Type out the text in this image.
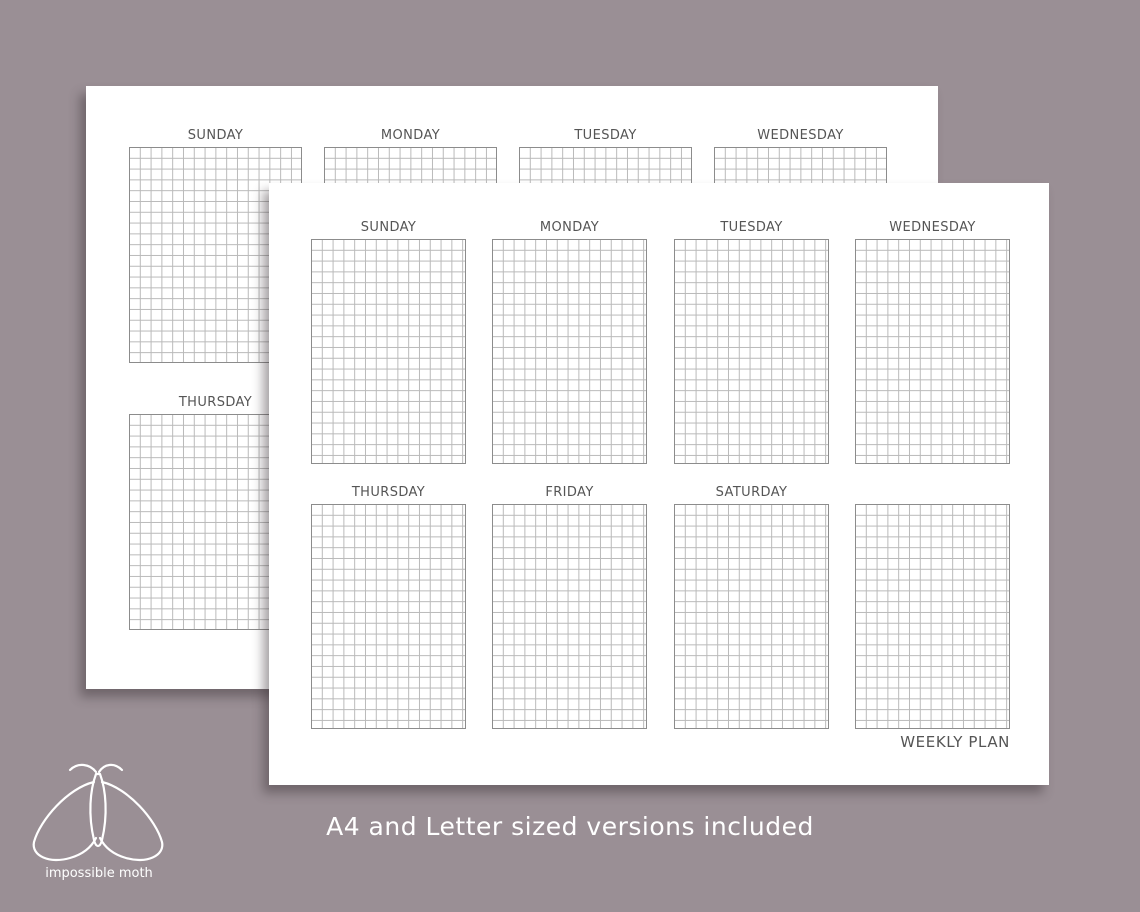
SUNDAY	MONDAY	TUESDAY	WEDNESDAY
THURSDAY
SUNDAY	MONDAY	TUESDAY	WEDNESDAY
THURSDAY	FRIDAY	SATURDAY
WEEKLY PLAN
A4 and Letter sized versions included
impossible moth
